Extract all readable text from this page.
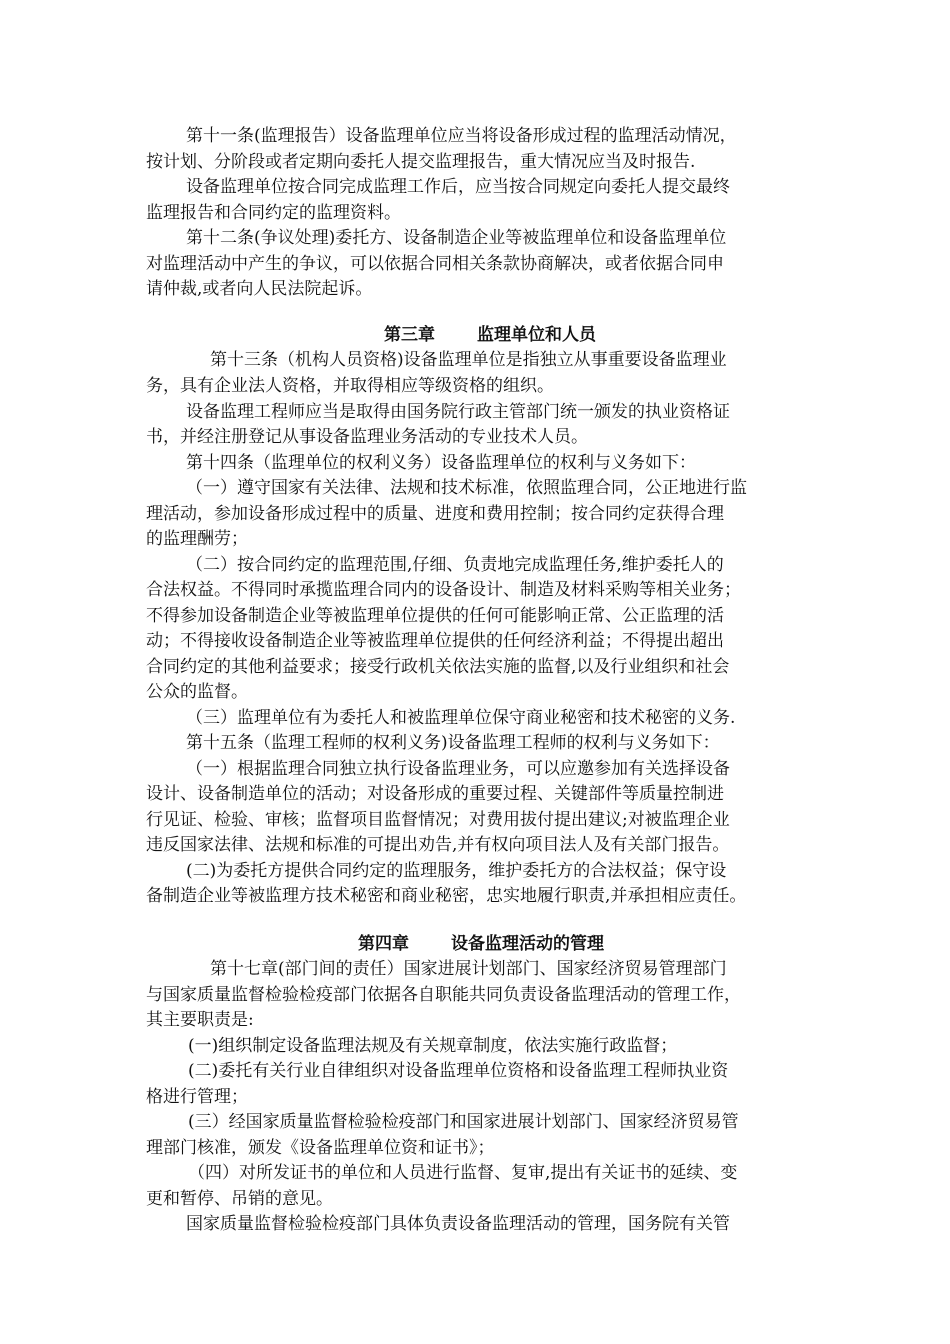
第十一条(监理报告）设备监理单位应当将设备形成过程的监理活动情况，
按计划、分阶段或者定期向委托人提交监理报告，重大情况应当及时报告.
设备监理单位按合同完成监理工作后，应当按合同规定向委托人提交最终
监理报告和合同约定的监理资料。
第十二条(争议处理)委托方、设备制造企业等被监理单位和设备监理单位
对监理活动中产生的争议，可以依据合同相关条款协商解决，或者依据合同申
请仲裁,或者向人民法院起诉。
第三章 监理单位和人员
第十三条（机构人员资格)设备监理单位是指独立从事重要设备监理业
务，具有企业法人资格，并取得相应等级资格的组织。
设备监理工程师应当是取得由国务院行政主管部门统一颁发的执业资格证
书，并经注册登记从事设备监理业务活动的专业技术人员。
第十四条（监理单位的权利义务）设备监理单位的权利与义务如下：
（一）遵守国家有关法律、法规和技术标准，依照监理合同，公正地进行监
理活动，参加设备形成过程中的质量、进度和费用控制；按合同约定获得合理
的监理酬劳；
（二）按合同约定的监理范围,仔细、负责地完成监理任务,维护委托人的
合法权益。不得同时承揽监理合同内的设备设计、制造及材料采购等相关业务；
不得参加设备制造企业等被监理单位提供的任何可能影响正常、公正监理的活
动；不得接收设备制造企业等被监理单位提供的任何经济利益；不得提出超出
合同约定的其他利益要求；接受行政机关依法实施的监督,以及行业组织和社会
公众的监督。
（三）监理单位有为委托人和被监理单位保守商业秘密和技术秘密的义务.
第十五条（监理工程师的权利义务)设备监理工程师的权利与义务如下：
（一）根据监理合同独立执行设备监理业务，可以应邀参加有关选择设备
设计、设备制造单位的活动；对设备形成的重要过程、关键部件等质量控制进
行见证、检验、审核；监督项目监督情况；对费用拔付提出建议;对被监理企业
违反国家法律、法规和标准的可提出劝告,并有权向项目法人及有关部门报告。
(二)为委托方提供合同约定的监理服务，维护委托方的合法权益；保守设
备制造企业等被监理方技术秘密和商业秘密，忠实地履行职责,并承担相应责任。
第四章 设备监理活动的管理
第十七章(部门间的责任）国家进展计划部门、国家经济贸易管理部门
与国家质量监督检验检疫部门依据各自职能共同负责设备监理活动的管理工作，
其主要职责是:
(一)组织制定设备监理法规及有关规章制度，依法实施行政监督；
(二)委托有关行业自律组织对设备监理单位资格和设备监理工程师执业资
格进行管理；
(三）经国家质量监督检验检疫部门和国家进展计划部门、国家经济贸易管
理部门核准，颁发《设备监理单位资和证书》；
（四）对所发证书的单位和人员进行监督、复审,提出有关证书的延续、变
更和暂停、吊销的意见。
国家质量监督检验检疫部门具体负责设备监理活动的管理，国务院有关管
